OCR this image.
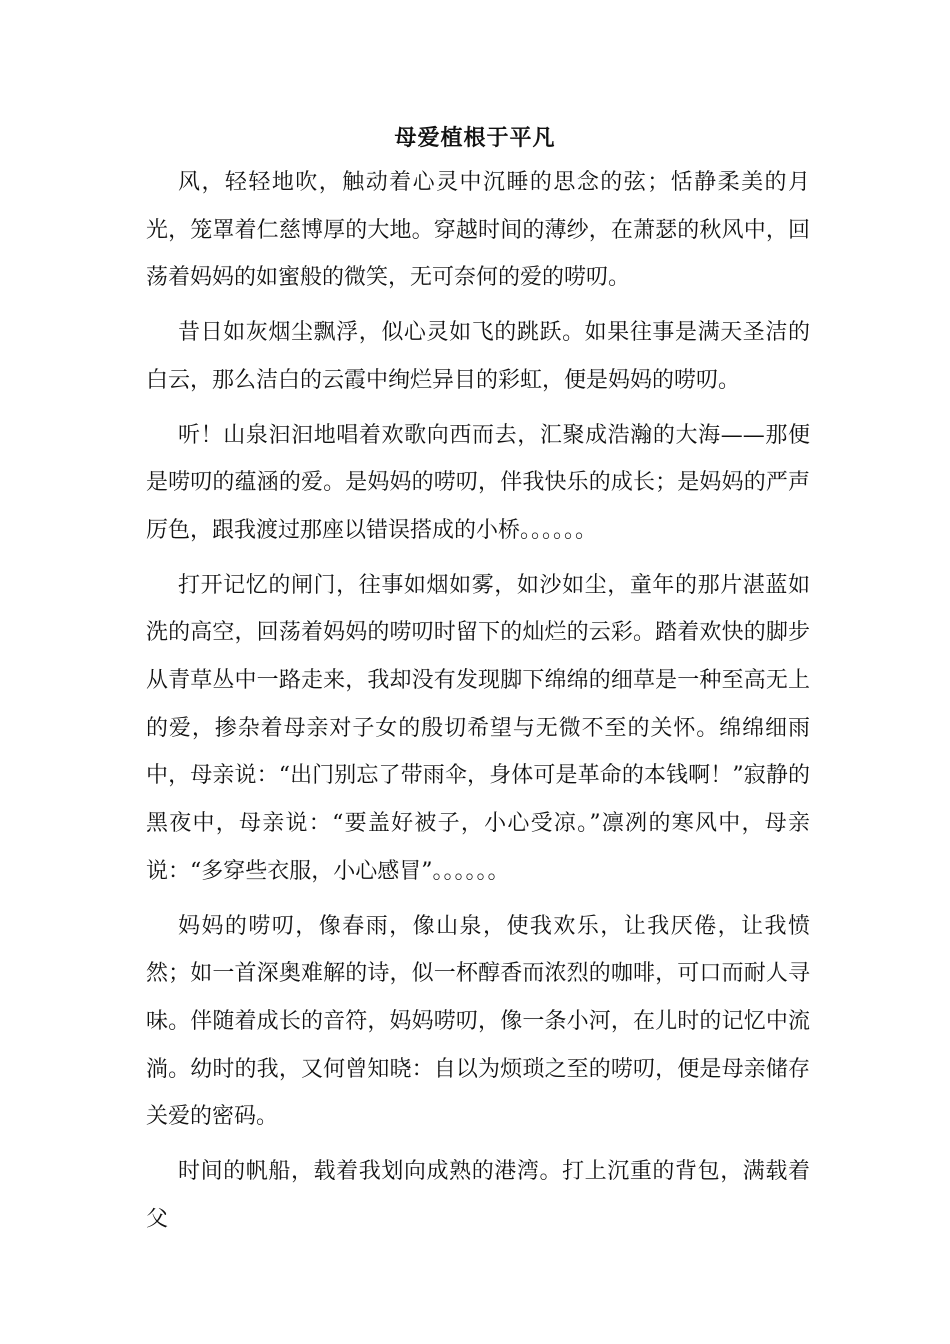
母爱植根于平凡

风，轻轻地吹，触动着心灵中沉睡的思念的弦；恬静柔美的月光，笼罩着仁慈博厚的大地。穿越时间的薄纱，在萧瑟的秋风中，回荡着妈妈的如蜜般的微笑，无可奈何的爱的唠叨。

昔日如灰烟尘飘浮，似心灵如飞的跳跃。如果往事是满天圣洁的白云，那么洁白的云霞中绚烂异目的彩虹，便是妈妈的唠叨。

听！山泉汩汩地唱着欢歌向西而去，汇聚成浩瀚的大海——那便是唠叨的蕴涵的爱。是妈妈的唠叨，伴我快乐的成长；是妈妈的严声厉色，跟我渡过那座以错误搭成的小桥。。。。。。

打开记忆的闸门，往事如烟如雾，如沙如尘，童年的那片湛蓝如洗的高空，回荡着妈妈的唠叨时留下的灿烂的云彩。踏着欢快的脚步从青草丛中一路走来，我却没有发现脚下绵绵的细草是一种至高无上的爱，掺杂着母亲对子女的殷切希望与无微不至的关怀。绵绵细雨中，母亲说：“出门别忘了带雨伞，身体可是革命的本钱啊！”寂静的黑夜中，母亲说：“要盖好被子，小心受凉。”凛冽的寒风中，母亲说：“多穿些衣服，小心感冒”。。。。。。

妈妈的唠叨，像春雨，像山泉，使我欢乐，让我厌倦，让我愤然；如一首深奥难解的诗，似一杯醇香而浓烈的咖啡，可口而耐人寻味。伴随着成长的音符，妈妈唠叨，像一条小河，在儿时的记忆中流淌。幼时的我，又何曾知晓：自以为烦琐之至的唠叨，便是母亲储存关爱的密码。

时间的帆船，载着我划向成熟的港湾。打上沉重的背包，满载着父
